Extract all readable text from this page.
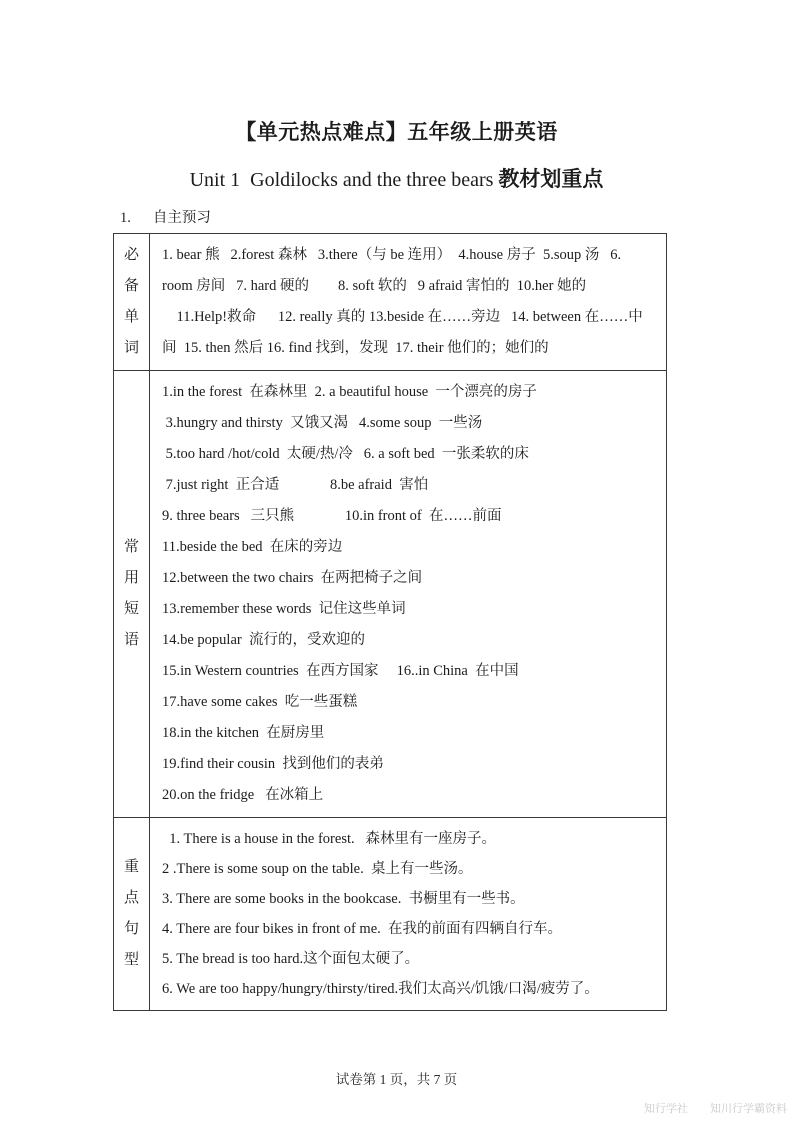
【单元热点难点】五年级上册英语
Unit 1  Goldilocks and the three bears 教材划重点
1. 自主预习
必
备
单
词
1. bear 熊   2.forest 森林   3.there（与 be 连用）  4.house 房子  5.soup 汤   6.
room 房间   7. hard 硬的        8. soft 软的   9 afraid 害怕的  10.her 她的
11.Help!救命      12. really 真的 13.beside 在……旁边   14. between 在……中
间  15. then 然后 16. find 找到，发现  17. their 他们的；她们的
常
用
短
语
1.in the forest  在森林里  2. a beautiful house  一个漂亮的房子
3.hungry and thirsty  又饿又渴   4.some soup  一些汤
5.too hard /hot/cold  太硬/热/冷   6. a soft bed  一张柔软的床
7.just right  正合适              8.be afraid  害怕
9. three bears   三只熊              10.in front of  在……前面
11.beside the bed  在床的旁边
12.between the two chairs  在两把椅子之间
13.remember these words  记住这些单词
14.be popular  流行的，受欢迎的
15.in Western countries  在西方国家     16..in China  在中国
17.have some cakes  吃一些蛋糕
18.in the kitchen  在厨房里
19.find their cousin  找到他们的表弟
20.on the fridge   在冰箱上
重
点
句
型
1. There is a house in the forest.   森林里有一座房子。
2 .There is some soup on the table.  桌上有一些汤。
3. There are some books in the bookcase.  书橱里有一些书。
4. There are four bikes in front of me.  在我的前面有四辆自行车。
5. The bread is too hard.这个面包太硬了。
6. We are too happy/hungry/thirsty/tired.我们太高兴/饥饿/口渴/疲劳了。
试卷第 1 页，共 7 页
知行学社　　知川行学霸资料
